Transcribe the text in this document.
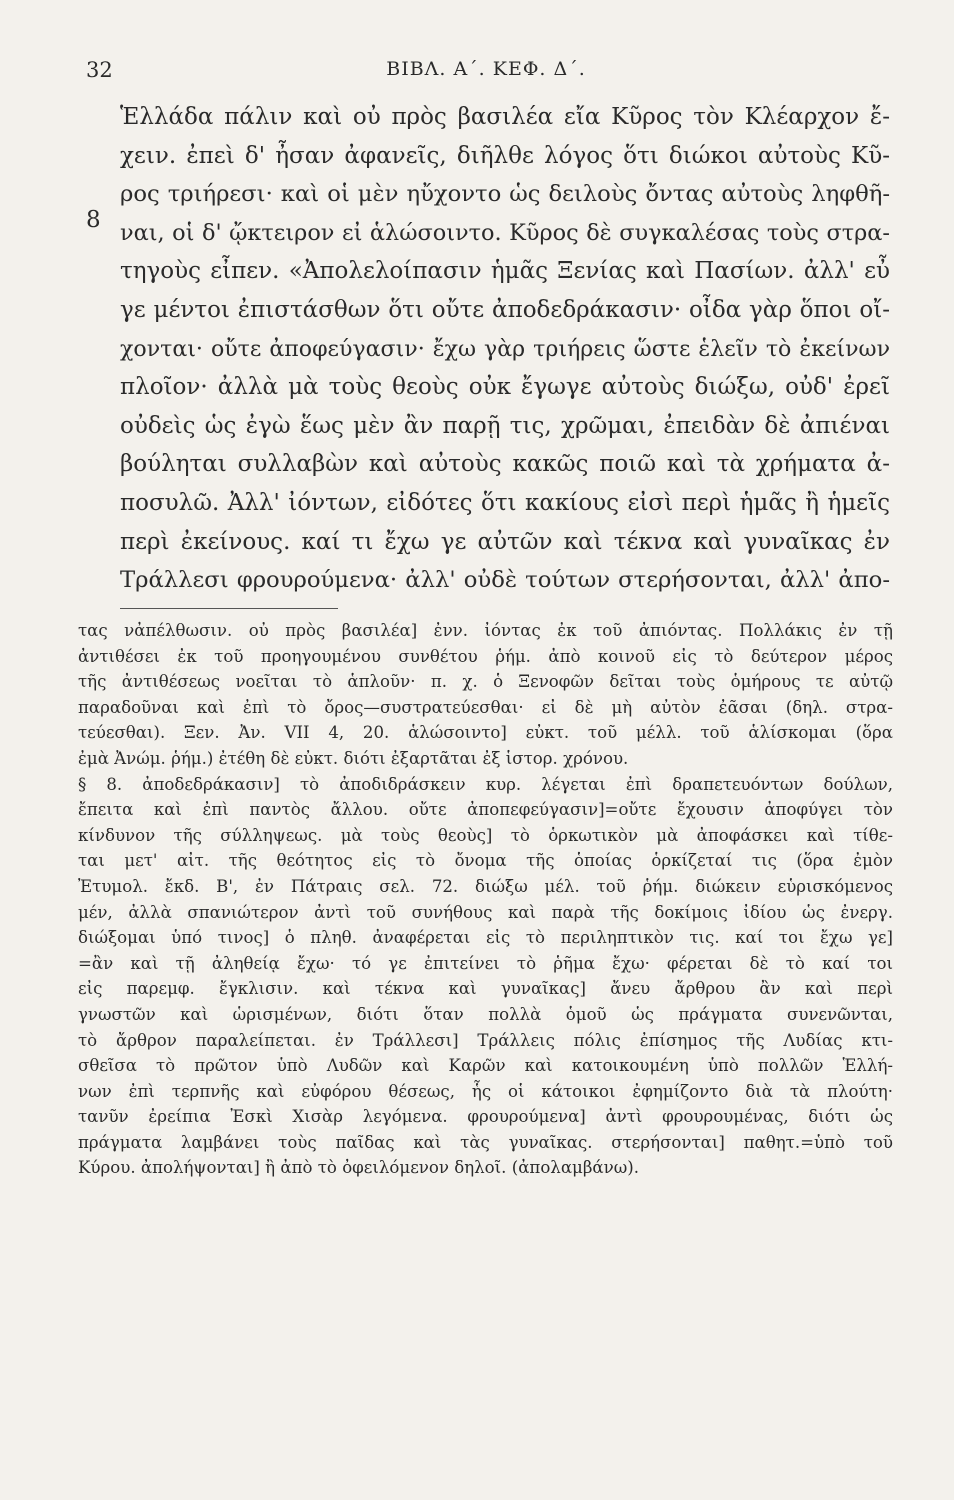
32	ΒΙΒΛ. Α΄. ΚΕΦ. Δ΄.
8
Ἑλλάδα πάλιν καὶ οὐ πρὸς βασιλέα εἴα Κῦρος τὸν Κλέαρχον ἔ-
χειν. ἐπεὶ δ' ἦσαν ἀφανεῖς, διῆλθε λόγος ὅτι διώκοι αὐτοὺς Κῦ-
ρος τριήρεσι· καὶ οἱ μὲν ηὔχοντο ὡς δειλοὺς ὄντας αὐτοὺς ληφθῆ-
ναι, οἱ δ' ᾤκτειρον εἰ ἁλώσοιντο. Κῦρος δὲ συγκαλέσας τοὺς στρα-
τηγοὺς εἶπεν. «Ἀπολελοίπασιν ἡμᾶς Ξενίας καὶ Πασίων. ἀλλ' εὖ
γε μέντοι ἐπιστάσθων ὅτι οὔτε ἀποδεδράκασιν· οἶδα γὰρ ὅποι οἴ-
χονται· οὔτε ἀποφεύγασιν· ἔχω γὰρ τριήρεις ὥστε ἑλεῖν τὸ ἐκείνων
πλοῖον· ἀλλὰ μὰ τοὺς θεοὺς οὐκ ἔγωγε αὐτοὺς διώξω, οὐδ' ἐρεῖ
οὐδεὶς ὡς ἐγὼ ἕως μὲν ἂν παρῇ τις, χρῶμαι, ἐπειδὰν δὲ ἀπιέναι
βούληται συλλαβὼν καὶ αὐτοὺς κακῶς ποιῶ καὶ τὰ χρήματα ἀ-
ποσυλῶ. Ἀλλ' ἰόντων, εἰδότες ὅτι κακίους εἰσὶ περὶ ἡμᾶς ἢ ἡμεῖς
περὶ ἐκείνους. καί τι ἔχω γε αὐτῶν καὶ τέκνα καὶ γυναῖκας ἐν
Τράλλεσι φρουρούμενα· ἀλλ' οὐδὲ τούτων στερήσονται, ἀλλ' ἀπο-
τας νἀπέλθωσιν. οὐ πρὸς βασιλέα] ἐνν. ἰόντας ἐκ τοῦ ἀπιόντας. Πολλάκις ἐν τῇ
ἀντιθέσει ἐκ τοῦ προηγουμένου συνθέτου ῥήμ. ἀπὸ κοινοῦ εἰς τὸ δεύτερον μέρος
τῆς ἀντιθέσεως νοεῖται τὸ ἁπλοῦν· π. χ. ὁ Ξενοφῶν δεῖται τοὺς ὁμήρους τε αὐτῷ
παραδοῦναι καὶ ἐπὶ τὸ ὄρος—συστρατεύεσθαι· εἰ δὲ μὴ αὐτὸν ἐᾶσαι (δηλ. στρα-
τεύεσθαι). Ξεν. Ἀν. VII 4, 20. ἁλώσοιντο] εὐκτ. τοῦ μέλλ. τοῦ ἁλίσκομαι (ὅρα
ἐμὰ Ἀνώμ. ῥήμ.) ἐτέθη δὲ εὐκτ. διότι ἐξαρτᾶται ἐξ ἱστορ. χρόνου.
§ 8. ἀποδεδράκασιν] τὸ ἀποδιδράσκειν κυρ. λέγεται ἐπὶ δραπετευόντων δούλων,
ἔπειτα καὶ ἐπὶ παντὸς ἄλλου. οὔτε ἀποπεφεύγασιν]=οὔτε ἔχουσιν ἀποφύγει τὸν
κίνδυνον τῆς σύλληψεως. μὰ τοὺς θεοὺς] τὸ ὁρκωτικὸν μὰ ἀποφάσκει καὶ τίθε-
ται μετ' αἰτ. τῆς θεότητος εἰς τὸ ὄνομα τῆς ὁποίας ὁρκίζεταί τις (ὅρα ἐμὸν
Ἐτυμολ. ἔκδ. Β', ἐν Πάτραις σελ. 72. διώξω μέλ. τοῦ ῥήμ. διώκειν εὑρισκόμενος
μέν, ἀλλὰ σπανιώτερον ἀντὶ τοῦ συνήθους καὶ παρὰ τῆς δοκίμοις ἰδίου ὡς ἐνεργ.
διώξομαι ὑπό τινος] ὁ πληθ. ἀναφέρεται εἰς τὸ περιληπτικὸν τις. καί τοι ἔχω γε]
=ἂν καὶ τῇ ἀληθείᾳ ἔχω· τό γε ἐπιτείνει τὸ ῥῆμα ἔχω· φέρεται δὲ τὸ καί τοι
εἰς παρεμφ. ἔγκλισιν. καὶ τέκνα καὶ γυναῖκας] ἄνευ ἄρθρου ἂν καὶ περὶ
γνωστῶν καὶ ὡρισμένων, διότι ὅταν πολλὰ ὁμοῦ ὡς πράγματα συνενῶνται,
τὸ ἄρθρον παραλείπεται. ἐν Τράλλεσι] Τράλλεις πόλις ἐπίσημος τῆς Λυδίας κτι-
σθεῖσα τὸ πρῶτον ὑπὸ Λυδῶν καὶ Καρῶν καὶ κατοικουμένη ὑπὸ πολλῶν Ἑλλή-
νων ἐπὶ τερπνῆς καὶ εὐφόρου θέσεως, ἧς οἱ κάτοικοι ἐφημίζοντο διὰ τὰ πλούτη·
τανῦν ἐρείπια Ἐσκὶ Χισὰρ λεγόμενα. φρουρούμενα] ἀντὶ φρουρουμένας, διότι ὡς
πράγματα λαμβάνει τοὺς παῖδας καὶ τὰς γυναῖκας. στερήσονται] παθητ.=ὑπὸ τοῦ
Κύρου. ἀπολήψονται] ἢ ἀπὸ τὸ ὀφειλόμενον δηλοῖ. (ἀπολαμβάνω).
